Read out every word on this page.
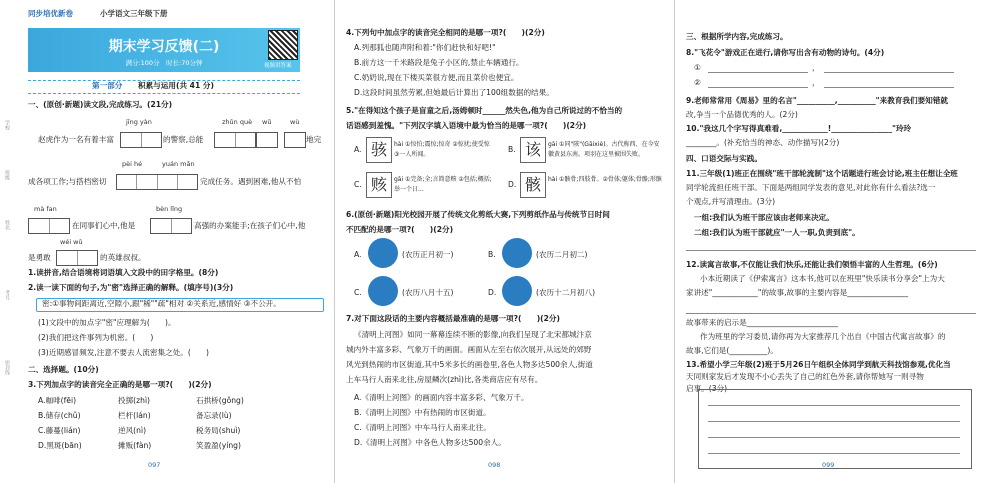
学校
班级
姓名
考号
密封线
同步培优新卷	小学语文三年级下册
期末学习反馈(二)
满分:100分　时长:70分钟	视频讲答案
第一部分 积累与运用(共 41 分)
一、(原创·新题)读文段,完成练习。(21分)
jīng yàn	zhǔn què wǔ	wù
赵虎作为一名有着丰富	的警察,总能	地完
pèi hé	yuán mǎn
成各项工作;与搭档密切	完成任务。遇到困难,他从不怕
mà fan	bèn lǐng
在同事们心中,他是	高强的办案能手;在孩子们心中,他
wéi wǔ
是勇敢	的英雄叔叔。
1.读拼音,结合语境将词语填入文段中的田字格里。(8分)
2.读一读下面的句子,为"密"选择正确的解释。(填序号)(3分)
密:①事物间距离近,空隙小,跟"稀""疏"相对 ②关系近,感情好 ③不公开。
(1)文段中的加点字"密"应理解为(　　)。
(2)我们把这件事列为机密。(　　)
(3)近期感冒频发,注意不要去人流密集之处。(　　)
二、选择题。(10分)
3.下列加点字的读音完全正确的是哪一项?(　　)(2分)
A.咖啡(fēi)	投掷(zhì)	石拱桥(gǒng)
B.储存(chǔ)	栏杆(lán)	备忘录(lù)
C.藤蔓(lián)	逆风(nì)	税务局(shuì)
D.黑斑(bān)	摊贩(fàn)	笑盈盈(yíng)
097
4.下列句中加点字的读音完全相同的是哪一项?(　　)(2分)
A.列那狐也随声附和着:"你们赶快和好吧!"
B.前方这一千米路段是兔子小区的,禁止车辆通行。
C.奶奶说,现在下楼买菜很方便,而且菜价也便宜。
D.这段时间虽然劳累,但她最后计算出了100组数据的结果。
5."在得知这个孩子是盲童之后,汤姆顿时______然失色,他为自己所说过的不恰当的
话语感到羞愧。"下列汉字填入语境中最为恰当的是哪一项?(　　)(2分)
A. 骇	hài ①惊怕;震惊;惊奇 ②惊扰;使受惊 ③一人所闻。
B. 该	gāi ①同"陔"(Gāixiè)。古代称西、在今安徽黄县东南。项羽在这里被围失败。
C. 赅	gāi ①完备;全;言简意赅 ②包括;概括;举一个日...
D. 骸	hài ①骸骨;四肢骨。②骨体;躯体;骨骼;形骸
6.(原创·新题)阳光校园开展了传统文化剪纸大赛,下列剪纸作品与传统节日时间
不匹配的是哪一项?(　　)(2分)
A.	(农历正月初一)	B.	(农历二月初二)
C.	(农历八月十五)	D.	(农历十二月初八)
7.对下面这段话的主要内容概括最准确的是哪一项?(　　)(2分)
《清明上河图》如同一幕幕连续不断的影像,向我们呈现了北宋都城汴京
城内外丰富多彩、气象万千的画面。画面从左至右依次展开,从远处的郊野
风光到热闹的市区街道,其中5米多长的画卷里,各色人物多达500余人,街道
上车马行人南来北往,房屋鳞次(zhì)比,各类商店应有尽有。
A.《清明上河图》的画面内容丰富多彩、气象万千。
B.《清明上河图》中有热闹的市区街道。
C.《清明上河图》中车马行人南来北往。
D.《清明上河图》中各色人物多达500余人。
098
三、根据所学内容,完成练习。
8."飞花令"游戏正在进行,请你写出含有动物的诗句。(4分)
①	，
②	，
9.老师常常用《周易》里的名言"__________,__________"来教育我们要知错就
改,争当一个品德优秀的人。(2分)
10."我这几个字写得真难看,____________!________________"玲玲
________。(补充恰当的神态、动作描写)(2分)
四、口语交际与实践。
11.三年级(1)班正在围绕"班干部轮流制"这个话题进行班会讨论,班主任想让全班
同学轮流担任班干部。下面是两组同学发表的意见,对此你有什么看法?选一
个观点,并写清理由。(3分)
一组:我们认为班干部应该由老师来决定。
二组:我们认为班干部就应"一人一职,负责到底"。
12.读寓言故事,不仅能让我们快乐,还能让我们领悟丰富的人生哲理。(6分)
小本近期读了《伊索寓言》这本书,他可以在班里"快乐读书分享会"上为大
家讲述"____________"的故事,故事的主要内容是________________
故事带来的启示是________________________
作为班里的学习委员,请你再为大家推荐几个出自《中国古代寓言故事》的
故事,它们是(__________)。
13.希望小学三年级(2)班于5月26日午组织全体同学到航天科技馆参观,优化当
天同则家发后才发现不小心丢失了自己的红色外套,请你帮她写一则寻物
启事。(3分)
099
